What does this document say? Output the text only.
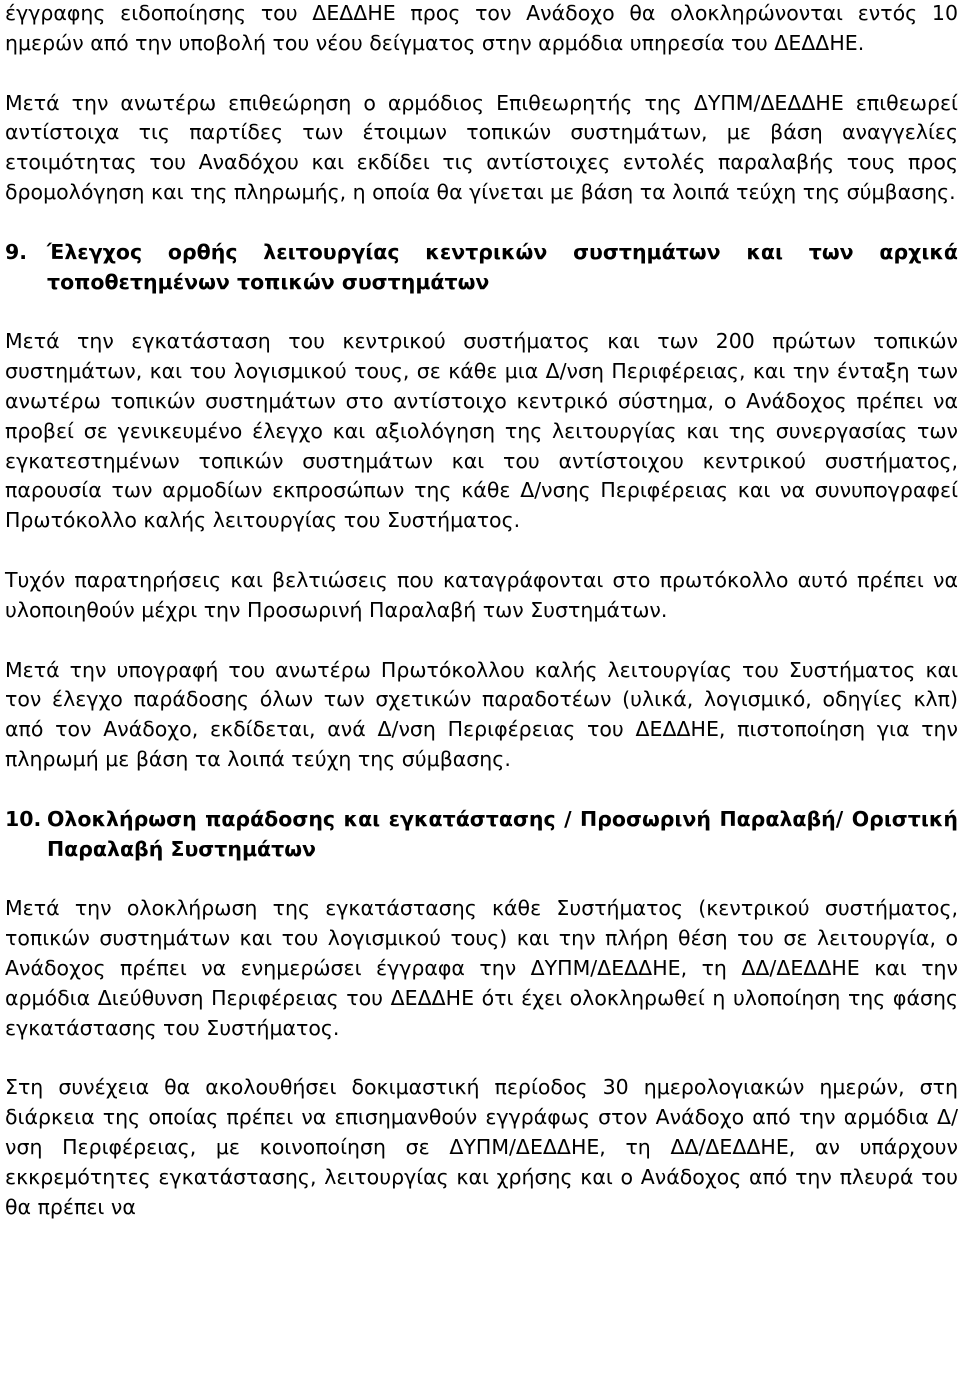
έγγραφης ειδοποίησης του ΔΕΔΔΗΕ προς τον Ανάδοχο θα ολοκληρώνονται εντός 10 ημερών από την υποβολή του νέου δείγματος στην αρμόδια υπηρεσία του ΔΕΔΔΗΕ.

Μετά την ανωτέρω επιθεώρηση ο αρμόδιος Επιθεωρητής της ΔΥΠΜ/ΔΕΔΔΗΕ επιθεωρεί αντίστοιχα τις παρτίδες των έτοιμων τοπικών συστημάτων, με βάση αναγγελίες ετοιμότητας του Αναδόχου και εκδίδει τις αντίστοιχες εντολές παραλαβής τους προς δρομολόγηση και της πληρωμής, η οποία θα γίνεται με βάση τα λοιπά τεύχη της σύμβασης.

9. Έλεγχος ορθής λειτουργίας κεντρικών συστημάτων και των αρχικά τοποθετημένων τοπικών συστημάτων

Μετά την εγκατάσταση του κεντρικού συστήματος και των 200 πρώτων τοπικών συστημάτων, και του λογισμικού τους, σε κάθε μια Δ/νση Περιφέρειας, και την ένταξη των ανωτέρω τοπικών συστημάτων στο αντίστοιχο κεντρικό σύστημα, ο Ανάδοχος πρέπει να προβεί σε γενικευμένο έλεγχο και αξιολόγηση της λειτουργίας και της συνεργασίας των εγκατεστημένων τοπικών συστημάτων και του αντίστοιχου κεντρικού συστήματος, παρουσία των αρμοδίων εκπροσώπων της κάθε Δ/νσης Περιφέρειας και να συνυπογραφεί Πρωτόκολλο καλής λειτουργίας του Συστήματος.

Τυχόν παρατηρήσεις και βελτιώσεις που καταγράφονται στο πρωτόκολλο αυτό πρέπει να υλοποιηθούν μέχρι την Προσωρινή Παραλαβή των Συστημάτων.

Μετά την υπογραφή του ανωτέρω Πρωτόκολλου καλής λειτουργίας του Συστήματος και τον έλεγχο παράδοσης όλων των σχετικών παραδοτέων (υλικά, λογισμικό, οδηγίες κλπ) από τον Ανάδοχο, εκδίδεται, ανά Δ/νση Περιφέρειας του ΔΕΔΔΗΕ, πιστοποίηση για την πληρωμή με βάση τα λοιπά τεύχη της σύμβασης.

10. Ολοκλήρωση παράδοσης και εγκατάστασης / Προσωρινή Παραλαβή/ Οριστική Παραλαβή Συστημάτων

Μετά την ολοκλήρωση της εγκατάστασης κάθε Συστήματος (κεντρικού συστήματος, τοπικών συστημάτων και του λογισμικού τους) και την πλήρη θέση του σε λειτουργία, ο Ανάδοχος πρέπει να ενημερώσει έγγραφα την ΔΥΠΜ/ΔΕΔΔΗΕ, τη ΔΔ/ΔΕΔΔΗΕ και την αρμόδια Διεύθυνση Περιφέρειας του ΔΕΔΔΗΕ ότι έχει ολοκληρωθεί η υλοποίηση της φάσης εγκατάστασης του Συστήματος.

Στη συνέχεια θα ακολουθήσει δοκιμαστική περίοδος 30 ημερολογιακών ημερών, στη διάρκεια της οποίας πρέπει να επισημανθούν εγγράφως στον Ανάδοχο από την αρμόδια Δ/νση Περιφέρειας, με κοινοποίηση σε ΔΥΠΜ/ΔΕΔΔΗΕ, τη ΔΔ/ΔΕΔΔΗΕ, αν υπάρχουν εκκρεμότητες εγκατάστασης, λειτουργίας και χρήσης και ο Ανάδοχος από την πλευρά του θα πρέπει να
